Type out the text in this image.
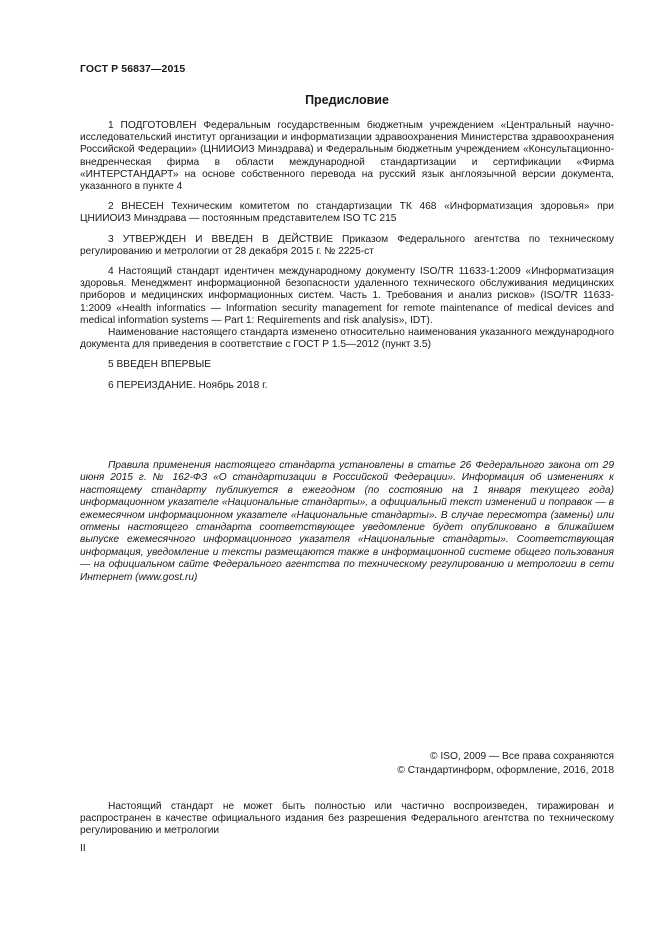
ГОСТ Р 56837—2015
Предисловие

1 ПОДГОТОВЛЕН Федеральным государственным бюджетным учреждением «Центральный научно-исследовательский институт организации и информатизации здравоохранения Министерства здравоохранения Российской Федерации» (ЦНИИОИЗ Минздрава) и Федеральным бюджетным учреждением «Консультационно-внедренческая фирма в области международной стандартизации и сертификации «Фирма «ИНТЕРСТАНДАРТ» на основе собственного перевода на русский язык англоязычной версии документа, указанного в пункте 4

2 ВНЕСЕН Техническим комитетом по стандартизации ТК 468 «Информатизация здоровья» при ЦНИИОИЗ Минздрава — постоянным представителем ISO TC 215

3 УТВЕРЖДЕН И ВВЕДЕН В ДЕЙСТВИЕ Приказом Федерального агентства по техническому регулированию и метрологии от 28 декабря 2015 г. № 2225-ст

4 Настоящий стандарт идентичен международному документу ISO/TR 11633-1:2009 «Информатизация здоровья. Менеджмент информационной безопасности удаленного технического обслуживания медицинских приборов и медицинских информационных систем. Часть 1. Требования и анализ рисков» (ISO/TR 11633-1:2009 «Health informatics — Information security management for remote maintenance of medical devices and medical information systems — Part 1: Requirements and risk analysis», IDT).

Наименование настоящего стандарта изменено относительно наименования указанного международного документа для приведения в соответствие с ГОСТ Р 1.5—2012 (пункт 3.5)

5 ВВЕДЕН ВПЕРВЫЕ

6 ПЕРЕИЗДАНИЕ. Ноябрь 2018 г.

Правила применения настоящего стандарта установлены в статье 26 Федерального закона от 29 июня 2015 г. № 162-ФЗ «О стандартизации в Российской Федерации». Информация об изменениях к настоящему стандарту публикуется в ежегодном (по состоянию на 1 января текущего года) информационном указателе «Национальные стандарты», а официальный текст изменений и поправок — в ежемесячном информационном указателе «Национальные стандарты». В случае пересмотра (замены) или отмены настоящего стандарта соответствующее уведомление будет опубликовано в ближайшем выпуске ежемесячного информационного указателя «Национальные стандарты». Соответствующая информация, уведомление и тексты размещаются также в информационной системе общего пользования — на официальном сайте Федерального агентства по техническому регулированию и метрологии в сети Интернет (www.gost.ru)

© ISO, 2009 — Все права сохраняются
© Стандартинформ, оформление, 2016, 2018

Настоящий стандарт не может быть полностью или частично воспроизведен, тиражирован и распространен в качестве официального издания без разрешения Федерального агентства по техническому регулированию и метрологии

II
